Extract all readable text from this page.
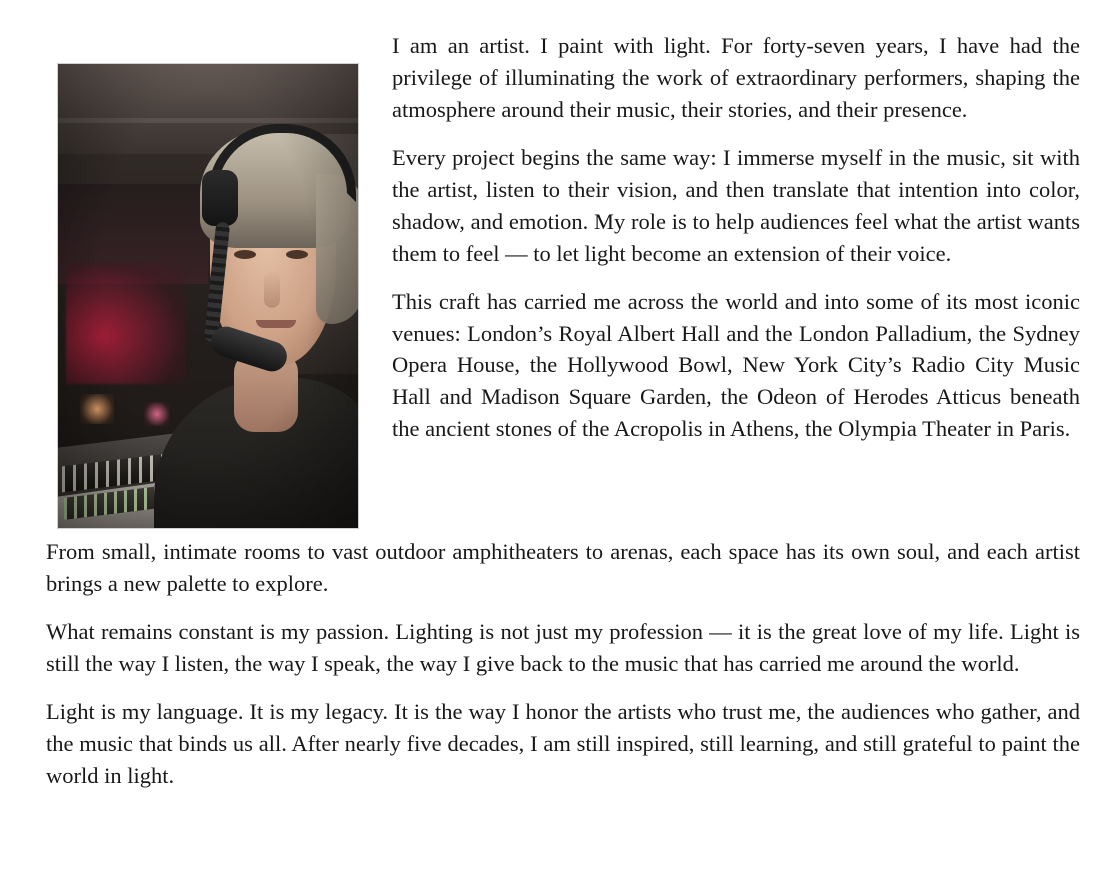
I am an artist. I paint with light. For forty-seven years, I have had the privilege of illuminating the work of extraordinary performers, shaping the atmosphere around their music, their stories, and their presence.

Every project begins the same way: I immerse myself in the music, sit with the artist, listen to their vision, and then translate that intention into color, shadow, and emotion. My role is to help audiences feel what the artist wants them to feel — to let light become an extension of their voice.

This craft has carried me across the world and into some of its most iconic venues: London’s Royal Albert Hall and the London Palladium, the Sydney Opera House, the Hollywood Bowl, New York City’s Radio City Music Hall and Madison Square Garden, the Odeon of Herodes Atticus beneath the ancient stones of the Acropolis in Athens, the Olympia Theater in Paris.

From small, intimate rooms to vast outdoor amphitheaters to arenas, each space has its own soul, and each artist brings a new palette to explore.

What remains constant is my passion. Lighting is not just my profession — it is the great love of my life. Light is still the way I listen, the way I speak, the way I give back to the music that has carried me around the world.

Light is my language. It is my legacy. It is the way I honor the artists who trust me, the audiences who gather, and the music that binds us all. After nearly five decades, I am still inspired, still learning, and still grateful to paint the world in light.
